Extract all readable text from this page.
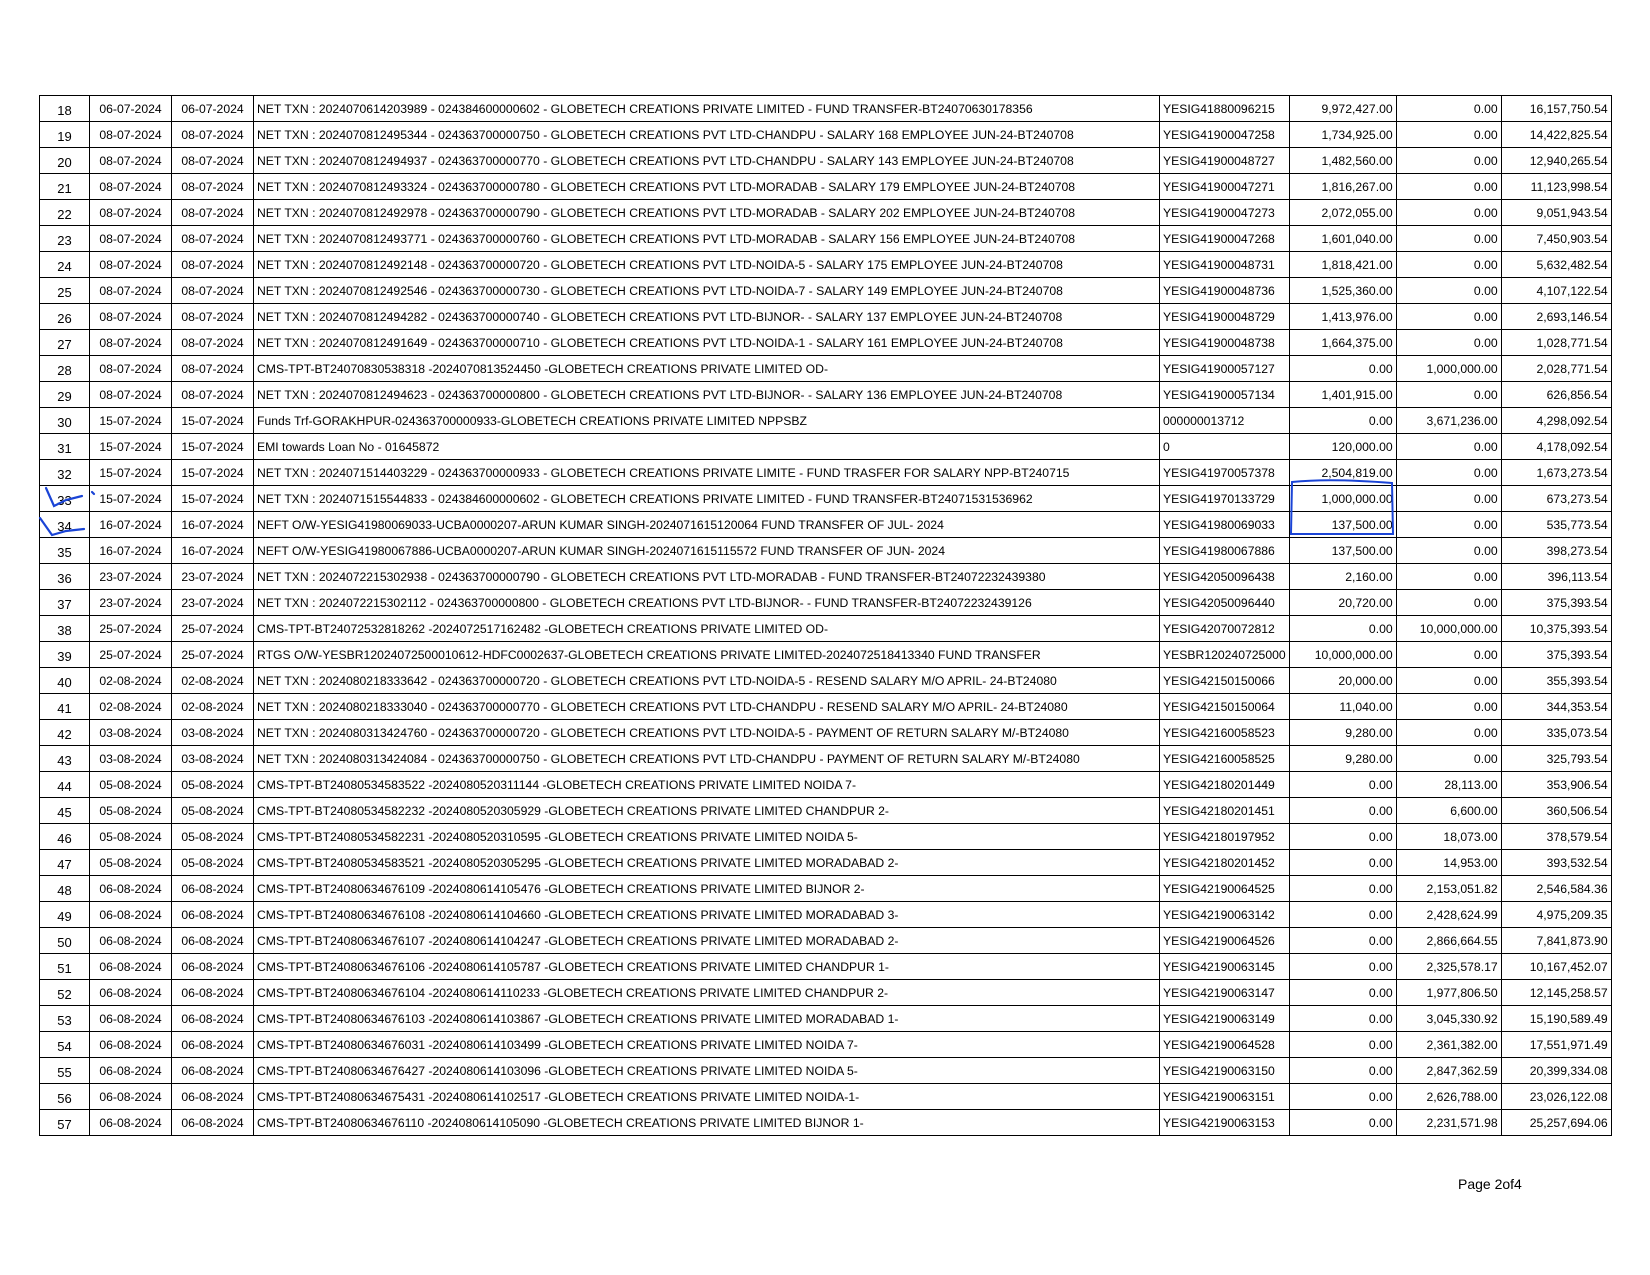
18	06-07-2024	06-07-2024	NET TXN : 2024070614203989 - 024384600000602 - GLOBETECH CREATIONS PRIVATE LIMITED - FUND TRANSFER-BT24070630178356	YESIG41880096215	9,972,427.00	0.00	16,157,750.54
19	08-07-2024	08-07-2024	NET TXN : 2024070812495344 - 024363700000750 - GLOBETECH CREATIONS PVT LTD-CHANDPU - SALARY 168 EMPLOYEE JUN-24-BT240708	YESIG41900047258	1,734,925.00	0.00	14,422,825.54
20	08-07-2024	08-07-2024	NET TXN : 2024070812494937 - 024363700000770 - GLOBETECH CREATIONS PVT LTD-CHANDPU - SALARY 143 EMPLOYEE JUN-24-BT240708	YESIG41900048727	1,482,560.00	0.00	12,940,265.54
21	08-07-2024	08-07-2024	NET TXN : 2024070812493324 - 024363700000780 - GLOBETECH CREATIONS PVT LTD-MORADAB - SALARY 179 EMPLOYEE JUN-24-BT240708	YESIG41900047271	1,816,267.00	0.00	11,123,998.54
22	08-07-2024	08-07-2024	NET TXN : 2024070812492978 - 024363700000790 - GLOBETECH CREATIONS PVT LTD-MORADAB - SALARY 202 EMPLOYEE JUN-24-BT240708	YESIG41900047273	2,072,055.00	0.00	9,051,943.54
23	08-07-2024	08-07-2024	NET TXN : 2024070812493771 - 024363700000760 - GLOBETECH CREATIONS PVT LTD-MORADAB - SALARY 156 EMPLOYEE JUN-24-BT240708	YESIG41900047268	1,601,040.00	0.00	7,450,903.54
24	08-07-2024	08-07-2024	NET TXN : 2024070812492148 - 024363700000720 - GLOBETECH CREATIONS PVT LTD-NOIDA-5 - SALARY 175 EMPLOYEE JUN-24-BT240708	YESIG41900048731	1,818,421.00	0.00	5,632,482.54
25	08-07-2024	08-07-2024	NET TXN : 2024070812492546 - 024363700000730 - GLOBETECH CREATIONS PVT LTD-NOIDA-7 - SALARY 149 EMPLOYEE JUN-24-BT240708	YESIG41900048736	1,525,360.00	0.00	4,107,122.54
26	08-07-2024	08-07-2024	NET TXN : 2024070812494282 - 024363700000740 - GLOBETECH CREATIONS PVT LTD-BIJNOR- - SALARY 137 EMPLOYEE JUN-24-BT240708	YESIG41900048729	1,413,976.00	0.00	2,693,146.54
27	08-07-2024	08-07-2024	NET TXN : 2024070812491649 - 024363700000710 - GLOBETECH CREATIONS PVT LTD-NOIDA-1 - SALARY 161 EMPLOYEE JUN-24-BT240708	YESIG41900048738	1,664,375.00	0.00	1,028,771.54
28	08-07-2024	08-07-2024	CMS-TPT-BT24070830538318 -2024070813524450 -GLOBETECH CREATIONS PRIVATE LIMITED OD-	YESIG41900057127	0.00	1,000,000.00	2,028,771.54
29	08-07-2024	08-07-2024	NET TXN : 2024070812494623 - 024363700000800 - GLOBETECH CREATIONS PVT LTD-BIJNOR- - SALARY 136 EMPLOYEE JUN-24-BT240708	YESIG41900057134	1,401,915.00	0.00	626,856.54
30	15-07-2024	15-07-2024	Funds Trf-GORAKHPUR-024363700000933-GLOBETECH CREATIONS PRIVATE LIMITED NPPSBZ	000000013712	0.00	3,671,236.00	4,298,092.54
31	15-07-2024	15-07-2024	EMI towards Loan No - 01645872	0	120,000.00	0.00	4,178,092.54
32	15-07-2024	15-07-2024	NET TXN : 2024071514403229 - 024363700000933 - GLOBETECH CREATIONS PRIVATE LIMITE - FUND TRASFER FOR SALARY NPP-BT240715	YESIG41970057378	2,504,819.00	0.00	1,673,273.54
33	15-07-2024	15-07-2024	NET TXN : 2024071515544833 - 024384600000602 - GLOBETECH CREATIONS PRIVATE LIMITED - FUND TRANSFER-BT24071531536962	YESIG41970133729	1,000,000.00	0.00	673,273.54
34	16-07-2024	16-07-2024	NEFT O/W-YESIG41980069033-UCBA0000207-ARUN KUMAR SINGH-2024071615120064 FUND TRANSFER OF JUL- 2024	YESIG41980069033	137,500.00	0.00	535,773.54
35	16-07-2024	16-07-2024	NEFT O/W-YESIG41980067886-UCBA0000207-ARUN KUMAR SINGH-2024071615115572 FUND TRANSFER OF JUN- 2024	YESIG41980067886	137,500.00	0.00	398,273.54
36	23-07-2024	23-07-2024	NET TXN : 2024072215302938 - 024363700000790 - GLOBETECH CREATIONS PVT LTD-MORADAB - FUND TRANSFER-BT24072232439380	YESIG42050096438	2,160.00	0.00	396,113.54
37	23-07-2024	23-07-2024	NET TXN : 2024072215302112 - 024363700000800 - GLOBETECH CREATIONS PVT LTD-BIJNOR- - FUND TRANSFER-BT24072232439126	YESIG42050096440	20,720.00	0.00	375,393.54
38	25-07-2024	25-07-2024	CMS-TPT-BT24072532818262 -2024072517162482 -GLOBETECH CREATIONS PRIVATE LIMITED OD-	YESIG42070072812	0.00	10,000,000.00	10,375,393.54
39	25-07-2024	25-07-2024	RTGS O/W-YESBR12024072500010612-HDFC0002637-GLOBETECH CREATIONS PRIVATE LIMITED-2024072518413340 FUND TRANSFER	YESBR120240725000	10,000,000.00	0.00	375,393.54
40	02-08-2024	02-08-2024	NET TXN : 2024080218333642 - 024363700000720 - GLOBETECH CREATIONS PVT LTD-NOIDA-5 - RESEND SALARY M/O APRIL- 24-BT24080	YESIG42150150066	20,000.00	0.00	355,393.54
41	02-08-2024	02-08-2024	NET TXN : 2024080218333040 - 024363700000770 - GLOBETECH CREATIONS PVT LTD-CHANDPU - RESEND SALARY M/O APRIL- 24-BT24080	YESIG42150150064	11,040.00	0.00	344,353.54
42	03-08-2024	03-08-2024	NET TXN : 2024080313424760 - 024363700000720 - GLOBETECH CREATIONS PVT LTD-NOIDA-5 - PAYMENT OF RETURN SALARY M/-BT24080	YESIG42160058523	9,280.00	0.00	335,073.54
43	03-08-2024	03-08-2024	NET TXN : 2024080313424084 - 024363700000750 - GLOBETECH CREATIONS PVT LTD-CHANDPU - PAYMENT OF RETURN SALARY M/-BT24080	YESIG42160058525	9,280.00	0.00	325,793.54
44	05-08-2024	05-08-2024	CMS-TPT-BT24080534583522 -2024080520311144 -GLOBETECH CREATIONS PRIVATE LIMITED NOIDA 7-	YESIG42180201449	0.00	28,113.00	353,906.54
45	05-08-2024	05-08-2024	CMS-TPT-BT24080534582232 -2024080520305929 -GLOBETECH CREATIONS PRIVATE LIMITED CHANDPUR 2-	YESIG42180201451	0.00	6,600.00	360,506.54
46	05-08-2024	05-08-2024	CMS-TPT-BT24080534582231 -2024080520310595 -GLOBETECH CREATIONS PRIVATE LIMITED NOIDA 5-	YESIG42180197952	0.00	18,073.00	378,579.54
47	05-08-2024	05-08-2024	CMS-TPT-BT24080534583521 -2024080520305295 -GLOBETECH CREATIONS PRIVATE LIMITED MORADABAD 2-	YESIG42180201452	0.00	14,953.00	393,532.54
48	06-08-2024	06-08-2024	CMS-TPT-BT24080634676109 -2024080614105476 -GLOBETECH CREATIONS PRIVATE LIMITED BIJNOR 2-	YESIG42190064525	0.00	2,153,051.82	2,546,584.36
49	06-08-2024	06-08-2024	CMS-TPT-BT24080634676108 -2024080614104660 -GLOBETECH CREATIONS PRIVATE LIMITED MORADABAD 3-	YESIG42190063142	0.00	2,428,624.99	4,975,209.35
50	06-08-2024	06-08-2024	CMS-TPT-BT24080634676107 -2024080614104247 -GLOBETECH CREATIONS PRIVATE LIMITED MORADABAD 2-	YESIG42190064526	0.00	2,866,664.55	7,841,873.90
51	06-08-2024	06-08-2024	CMS-TPT-BT24080634676106 -2024080614105787 -GLOBETECH CREATIONS PRIVATE LIMITED CHANDPUR 1-	YESIG42190063145	0.00	2,325,578.17	10,167,452.07
52	06-08-2024	06-08-2024	CMS-TPT-BT24080634676104 -2024080614110233 -GLOBETECH CREATIONS PRIVATE LIMITED CHANDPUR 2-	YESIG42190063147	0.00	1,977,806.50	12,145,258.57
53	06-08-2024	06-08-2024	CMS-TPT-BT24080634676103 -2024080614103867 -GLOBETECH CREATIONS PRIVATE LIMITED MORADABAD 1-	YESIG42190063149	0.00	3,045,330.92	15,190,589.49
54	06-08-2024	06-08-2024	CMS-TPT-BT24080634676031 -2024080614103499 -GLOBETECH CREATIONS PRIVATE LIMITED NOIDA 7-	YESIG42190064528	0.00	2,361,382.00	17,551,971.49
55	06-08-2024	06-08-2024	CMS-TPT-BT24080634676427 -2024080614103096 -GLOBETECH CREATIONS PRIVATE LIMITED NOIDA 5-	YESIG42190063150	0.00	2,847,362.59	20,399,334.08
56	06-08-2024	06-08-2024	CMS-TPT-BT24080634675431 -2024080614102517 -GLOBETECH CREATIONS PRIVATE LIMITED NOIDA-1-	YESIG42190063151	0.00	2,626,788.00	23,026,122.08
57	06-08-2024	06-08-2024	CMS-TPT-BT24080634676110 -2024080614105090 -GLOBETECH CREATIONS PRIVATE LIMITED BIJNOR 1-	YESIG42190063153	0.00	2,231,571.98	25,257,694.06
Page 2of4
